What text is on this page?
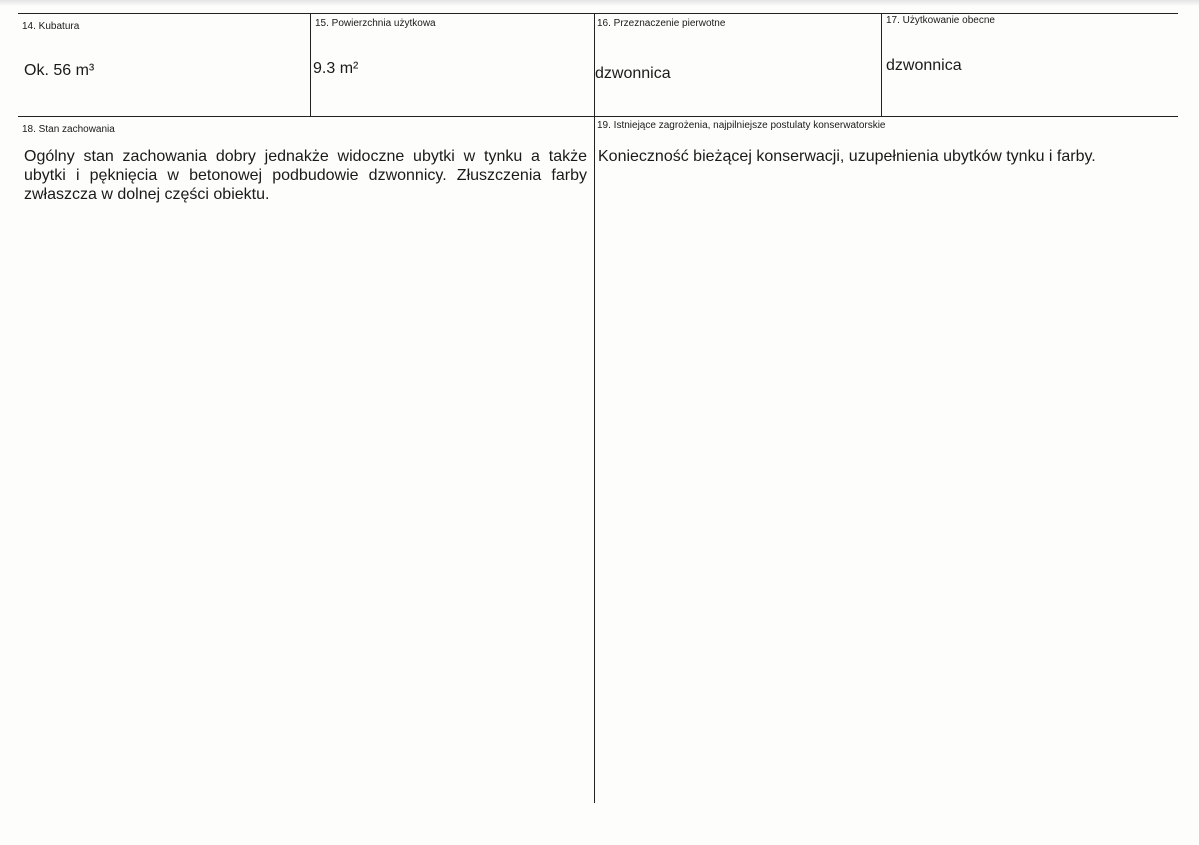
14. Kubatura
Ok. 56 m³
15. Powierzchnia użytkowa
9.3 m²
16. Przeznaczenie pierwotne
dzwonnica
17. Użytkowanie obecne
dzwonnica
18. Stan zachowania
Ogólny stan zachowania dobry jednakże widoczne ubytki w tynku a także ubytki i pęknięcia w betonowej podbudowie dzwonnicy. Złuszczenia farby zwłaszcza w dolnej części obiektu.
19. Istniejące zagrożenia, najpilniejsze postulaty konserwatorskie
Konieczność bieżącej konserwacji, uzupełnienia ubytków tynku i farby.
